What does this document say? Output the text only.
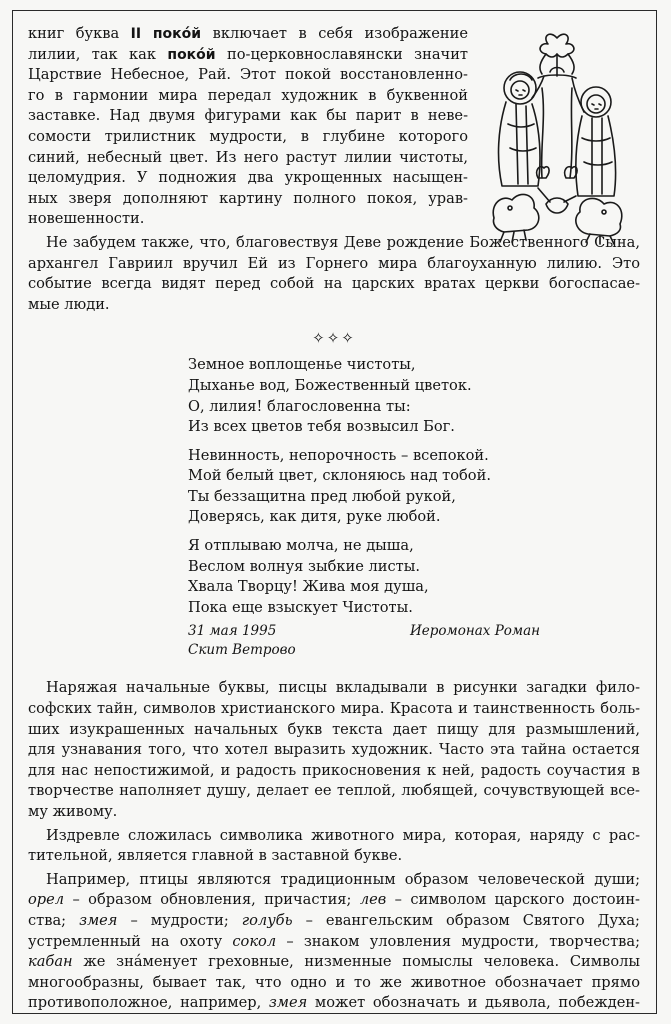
книг буква II покóй включает в себя изображение
лилии, так как покóй по-церковнославянски значит
Царствие Небесное, Рай. Этот покой восстановленно-
го в гармонии мира передал художник в буквенной
заставке. Над двумя фигурами как бы парит в неве-
сомости трилистник мудрости, в глубине которого
синий, небесный цвет. Из него растут лилии чистоты,
целомудрия. У подножия два укрощенных насыщен-
ных зверя дополняют картину полного покоя, урав-
новешенности.
Не забудем также, что, благовествуя Деве рождение Божественного Сына,
архангел Гавриил вручил Ей из Горнего мира благоуханную лилию. Это
событие всегда видят перед собой на царских вратах церкви богоспасае-
мые люди.
✧✧✧
Земное воплощенье чистоты,
Дыханье вод, Божественный цветок.
О, лилия! благословенна ты:
Из всех цветов тебя возвысил Бог.
Невинность, непорочность – всепокой.
Мой белый цвет, склоняюсь над тобой.
Ты беззащитна пред любой рукой,
Доверясь, как дитя, руке любой.
Я отплываю молча, не дыша,
Веслом волнуя зыбкие листы.
Хвала Творцу! Жива моя душа,
Пока еще взыскует Чистоты.
31 мая 1995
Скит Ветрово
Иеромонах Роман
Наряжая начальные буквы, писцы вкладывали в рисунки загадки фило-
софских тайн, символов христианского мира. Красота и таинственность боль-
ших изукрашенных начальных букв текста дает пищу для размышлений,
для узнавания того, что хотел выразить художник. Часто эта тайна остается
для нас непостижимой, и радость прикосновения к ней, радость соучастия в
творчестве наполняет душу, делает ее теплой, любящей, сочувствующей все-
му живому.
Издревле сложилась символика животного мира, которая, наряду с рас-
тительной, является главной в заставной букве.
Например, птицы являются традиционным образом человеческой души;
орел – образом обновления, причастия; лев – символом царского достоин-
ства; змея – мудрости; голубь – евангельским образом Святого Духа;
устремленный на охоту сокол – знаком уловления мудрости, творчества;
кабан же знáменует греховные, низменные помыслы человека. Символы
многообразны, бывает так, что одно и то же животное обозначает прямо
противоположное, например, змея может обозначать и дьявола, побежден-
